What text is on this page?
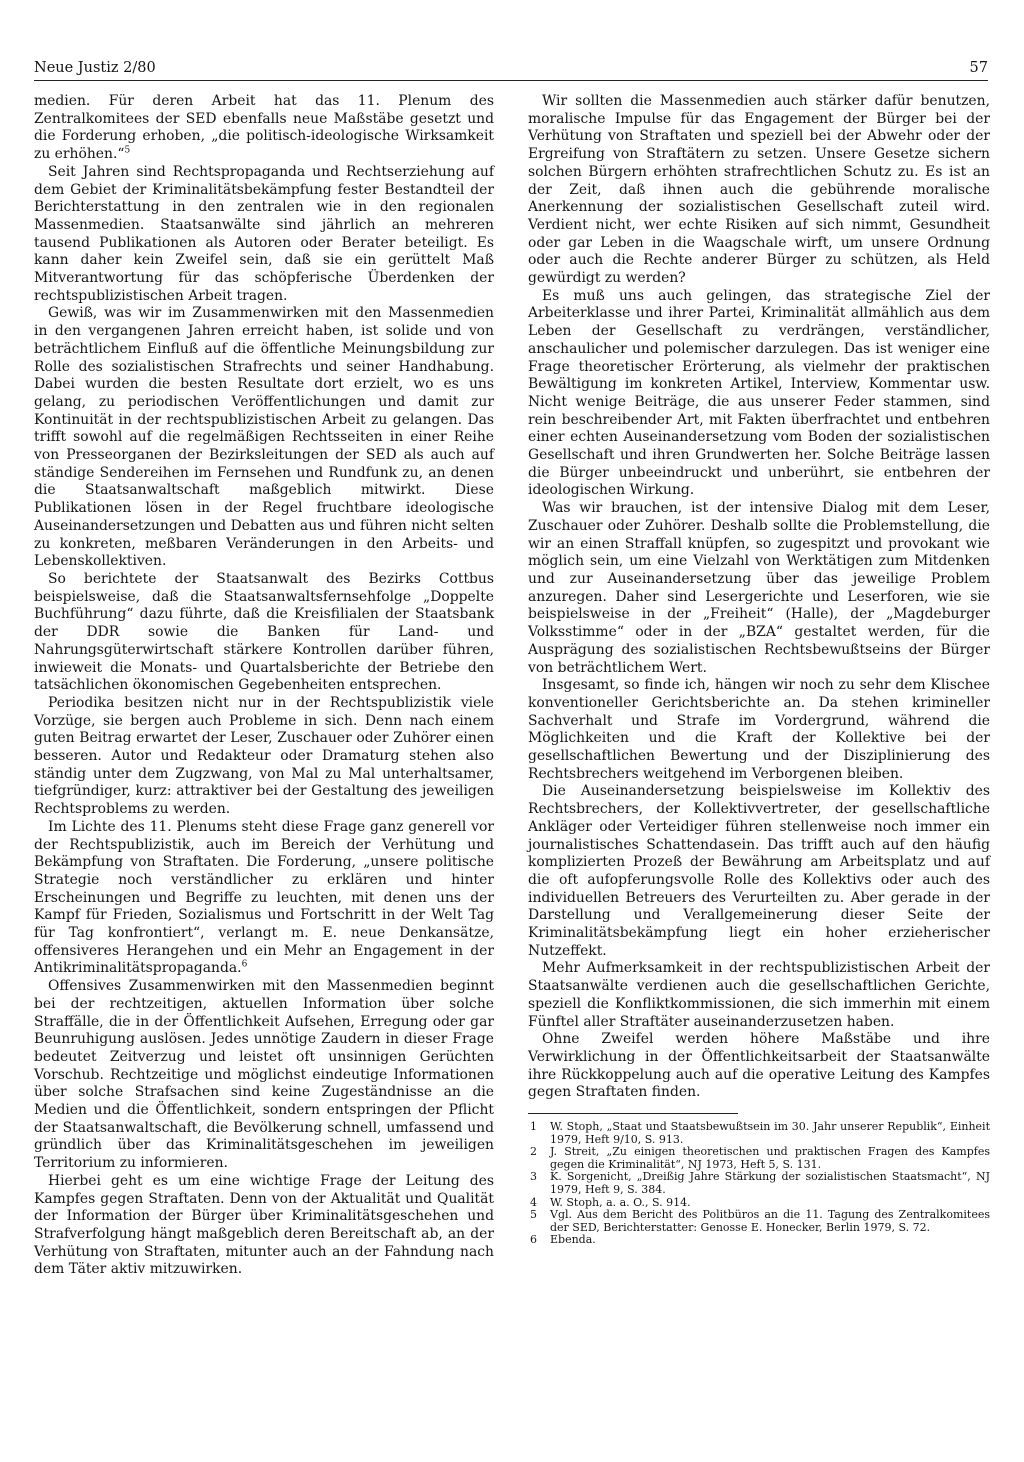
Neue Justiz 2/80	57

medien. Für deren Arbeit hat das 11. Plenum des Zentralkomitees der SED ebenfalls neue Maßstäbe gesetzt und die Forderung erhoben, „die politisch-ideologische Wirksamkeit zu erhöhen.“$^5$

Seit Jahren sind Rechtspropaganda und Rechtserziehung auf dem Gebiet der Kriminalitätsbekämpfung fester Bestandteil der Berichterstattung in den zentralen wie in den regionalen Massenmedien. Staatsanwälte sind jährlich an mehreren tausend Publikationen als Autoren oder Berater beteiligt. Es kann daher kein Zweifel sein, daß sie ein gerüttelt Maß Mitverantwortung für das schöpferische Überdenken der rechtspublizistischen Arbeit tragen.

Gewiß, was wir im Zusammenwirken mit den Massenmedien in den vergangenen Jahren erreicht haben, ist solide und von beträchtlichem Einfluß auf die öffentliche Meinungsbildung zur Rolle des sozialistischen Strafrechts und seiner Handhabung. Dabei wurden die besten Resultate dort erzielt, wo es uns gelang, zu periodischen Veröffentlichungen und damit zur Kontinuität in der rechtspublizistischen Arbeit zu gelangen. Das trifft sowohl auf die regelmäßigen Rechtsseiten in einer Reihe von Presseorganen der Bezirksleitungen der SED als auch auf ständige Sendereihen im Fernsehen und Rundfunk zu, an denen die Staatsanwaltschaft maßgeblich mitwirkt. Diese Publikationen lösen in der Regel fruchtbare ideologische Auseinandersetzungen und Debatten aus und führen nicht selten zu konkreten, meßbaren Veränderungen in den Arbeits- und Lebenskollektiven.

So berichtete der Staatsanwalt des Bezirks Cottbus beispielsweise, daß die Staatsanwaltsfernsehfolge „Doppelte Buchführung“ dazu führte, daß die Kreisfilialen der Staatsbank der DDR sowie die Banken für Land- und Nahrungsgüterwirtschaft stärkere Kontrollen darüber führen, inwieweit die Monats- und Quartalsberichte der Betriebe den tatsächlichen ökonomischen Gegebenheiten entsprechen.

Periodika besitzen nicht nur in der Rechtspublizistik viele Vorzüge, sie bergen auch Probleme in sich. Denn nach einem guten Beitrag erwartet der Leser, Zuschauer oder Zuhörer einen besseren. Autor und Redakteur oder Dramaturg stehen also ständig unter dem Zugzwang, von Mal zu Mal unterhaltsamer, tiefgründiger, kurz: attraktiver bei der Gestaltung des jeweiligen Rechtsproblems zu werden.

Im Lichte des 11. Plenums steht diese Frage ganz generell vor der Rechtspublizistik, auch im Bereich der Verhütung und Bekämpfung von Straftaten. Die Forderung, „unsere politische Strategie noch verständlicher zu erklären und hinter Erscheinungen und Begriffe zu leuchten, mit denen uns der Kampf für Frieden, Sozialismus und Fortschritt in der Welt Tag für Tag konfrontiert“, verlangt m. E. neue Denkansätze, offensiveres Herangehen und ein Mehr an Engagement in der Antikriminalitätspropaganda.$^6$

Offensives Zusammenwirken mit den Massenmedien beginnt bei der rechtzeitigen, aktuellen Information über solche Straffälle, die in der Öffentlichkeit Aufsehen, Erregung oder gar Beunruhigung auslösen. Jedes unnötige Zaudern in dieser Frage bedeutet Zeitverzug und leistet oft unsinnigen Gerüchten Vorschub. Rechtzeitige und möglichst eindeutige Informationen über solche Strafsachen sind keine Zugeständnisse an die Medien und die Öffentlichkeit, sondern entspringen der Pflicht der Staatsanwaltschaft, die Bevölkerung schnell, umfassend und gründlich über das Kriminalitätsgeschehen im jeweiligen Territorium zu informieren.

Hierbei geht es um eine wichtige Frage der Leitung des Kampfes gegen Straftaten. Denn von der Aktualität und Qualität der Information der Bürger über Kriminalitätsgeschehen und Strafverfolgung hängt maßgeblich deren Bereitschaft ab, an der Verhütung von Straftaten, mitunter auch an der Fahndung nach dem Täter aktiv mitzuwirken.

Wir sollten die Massenmedien auch stärker dafür benutzen, moralische Impulse für das Engagement der Bürger bei der Verhütung von Straftaten und speziell bei der Abwehr oder der Ergreifung von Straftätern zu setzen. Unsere Gesetze sichern solchen Bürgern erhöhten strafrechtlichen Schutz zu. Es ist an der Zeit, daß ihnen auch die gebührende moralische Anerkennung der sozialistischen Gesellschaft zuteil wird. Verdient nicht, wer echte Risiken auf sich nimmt, Gesundheit oder gar Leben in die Waagschale wirft, um unsere Ordnung oder auch die Rechte anderer Bürger zu schützen, als Held gewürdigt zu werden?

Es muß uns auch gelingen, das strategische Ziel der Arbeiterklasse und ihrer Partei, Kriminalität allmählich aus dem Leben der Gesellschaft zu verdrängen, verständlicher, anschaulicher und polemischer darzulegen. Das ist weniger eine Frage theoretischer Erörterung, als vielmehr der praktischen Bewältigung im konkreten Artikel, Interview, Kommentar usw. Nicht wenige Beiträge, die aus unserer Feder stammen, sind rein beschreibender Art, mit Fakten überfrachtet und entbehren einer echten Auseinandersetzung vom Boden der sozialistischen Gesellschaft und ihren Grundwerten her. Solche Beiträge lassen die Bürger unbeeindruckt und unberührt, sie entbehren der ideologischen Wirkung.

Was wir brauchen, ist der intensive Dialog mit dem Leser, Zuschauer oder Zuhörer. Deshalb sollte die Problemstellung, die wir an einen Straffall knüpfen, so zugespitzt und provokant wie möglich sein, um eine Vielzahl von Werktätigen zum Mitdenken und zur Auseinandersetzung über das jeweilige Problem anzuregen. Daher sind Lesergerichte und Leserforen, wie sie beispielsweise in der „Freiheit“ (Halle), der „Magdeburger Volksstimme“ oder in der „BZA“ gestaltet werden, für die Ausprägung des sozialistischen Rechtsbewußtseins der Bürger von beträchtlichem Wert.

Insgesamt, so finde ich, hängen wir noch zu sehr dem Klischee konventioneller Gerichtsberichte an. Da stehen krimineller Sachverhalt und Strafe im Vordergrund, während die Möglichkeiten und die Kraft der Kollektive bei der gesellschaftlichen Bewertung und der Disziplinierung des Rechtsbrechers weitgehend im Verborgenen bleiben.

Die Auseinandersetzung beispielsweise im Kollektiv des Rechtsbrechers, der Kollektivvertreter, der gesellschaftliche Ankläger oder Verteidiger führen stellenweise noch immer ein journalistisches Schattendasein. Das trifft auch auf den häufig komplizierten Prozeß der Bewährung am Arbeitsplatz und auf die oft aufopferungsvolle Rolle des Kollektivs oder auch des individuellen Betreuers des Verurteilten zu. Aber gerade in der Darstellung und Verallgemeinerung dieser Seite der Kriminalitätsbekämpfung liegt ein hoher erzieherischer Nutzeffekt.

Mehr Aufmerksamkeit in der rechtspublizistischen Arbeit der Staatsanwälte verdienen auch die gesellschaftlichen Gerichte, speziell die Konfliktkommissionen, die sich immerhin mit einem Fünftel aller Straftäter auseinanderzusetzen haben.

Ohne Zweifel werden höhere Maßstäbe und ihre Verwirklichung in der Öffentlichkeitsarbeit der Staatsanwälte ihre Rückkoppelung auch auf die operative Leitung des Kampfes gegen Straftaten finden.

1 W. Stoph, „Staat und Staatsbewußtsein im 30. Jahr unserer Republik“, Einheit 1979, Heft 9/10, S. 913.
2 J. Streit, „Zu einigen theoretischen und praktischen Fragen des Kampfes gegen die Kriminalität“, NJ 1973, Heft 5, S. 131.
3 K. Sorgenicht, „Dreißig Jahre Stärkung der sozialistischen Staatsmacht“, NJ 1979, Heft 9, S. 384.
4 W. Stoph, a. a. O., S. 914.
5 Vgl. Aus dem Bericht des Politbüros an die 11. Tagung des Zentralkomitees der SED, Berichterstatter: Genosse E. Honecker, Berlin 1979, S. 72.
6 Ebenda.
